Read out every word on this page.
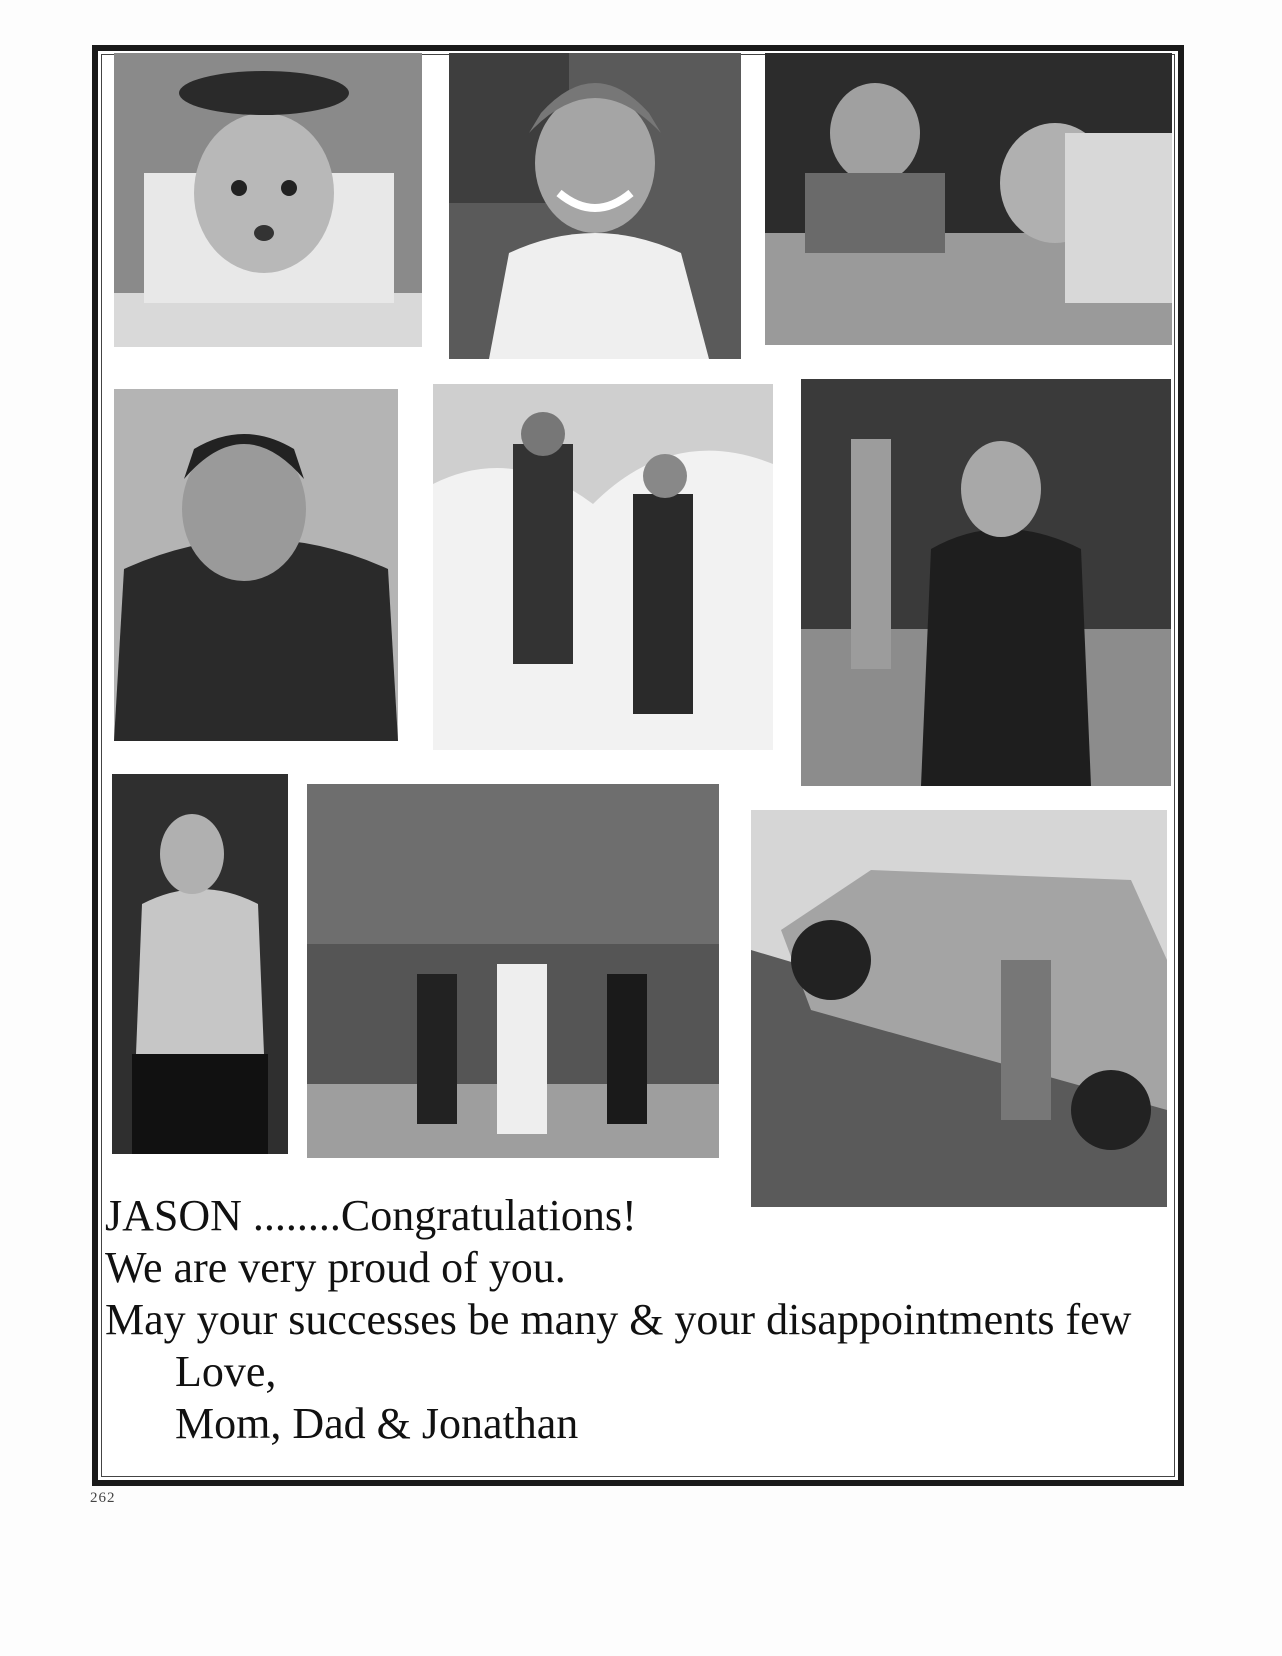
JASON ........Congratulations!
We are very proud of you.
May your successes be many & your disappointments few
Love,
Mom, Dad & Jonathan
262
